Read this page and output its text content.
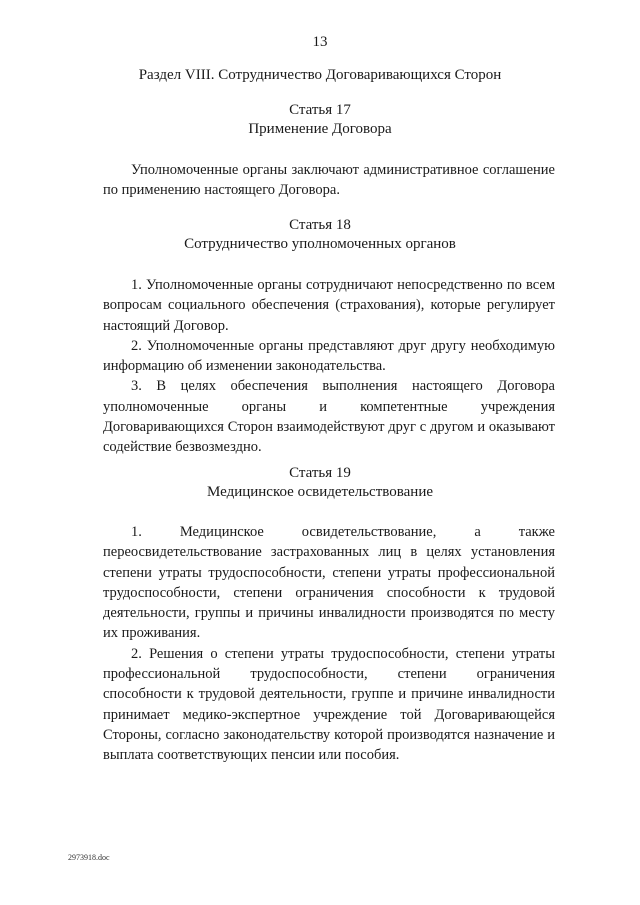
13
Раздел VIII. Сотрудничество Договаривающихся Сторон
Статья 17
Применение Договора

Уполномоченные органы заключают административное соглашение по применению настоящего Договора.

Статья 18
Сотрудничество уполномоченных органов

1. Уполномоченные органы сотрудничают непосредственно по всем вопросам социального обеспечения (страхования), которые регулирует настоящий Договор.

2. Уполномоченные органы представляют друг другу необходимую информацию об изменении законодательства.

3. В целях обеспечения выполнения настоящего Договора уполномоченные органы и компетентные учреждения Договаривающихся Сторон взаимодействуют друг с другом и оказывают содействие безвозмездно.

Статья 19
Медицинское освидетельствование

1. Медицинское освидетельствование, а также переосвидетельствование застрахованных лиц в целях установления степени утраты трудоспособности, степени утраты профессиональной трудоспособности, степени ограничения способности к трудовой деятельности, группы и причины инвалидности производятся по месту их проживания.

2. Решения о степени утраты трудоспособности, степени утраты профессиональной трудоспособности, степени ограничения способности к трудовой деятельности, группе и причине инвалидности принимает медико-экспертное учреждение той Договаривающейся Стороны, согласно законодательству которой производятся назначение и выплата соответствующих пенсии или пособия.

2973918.doc
